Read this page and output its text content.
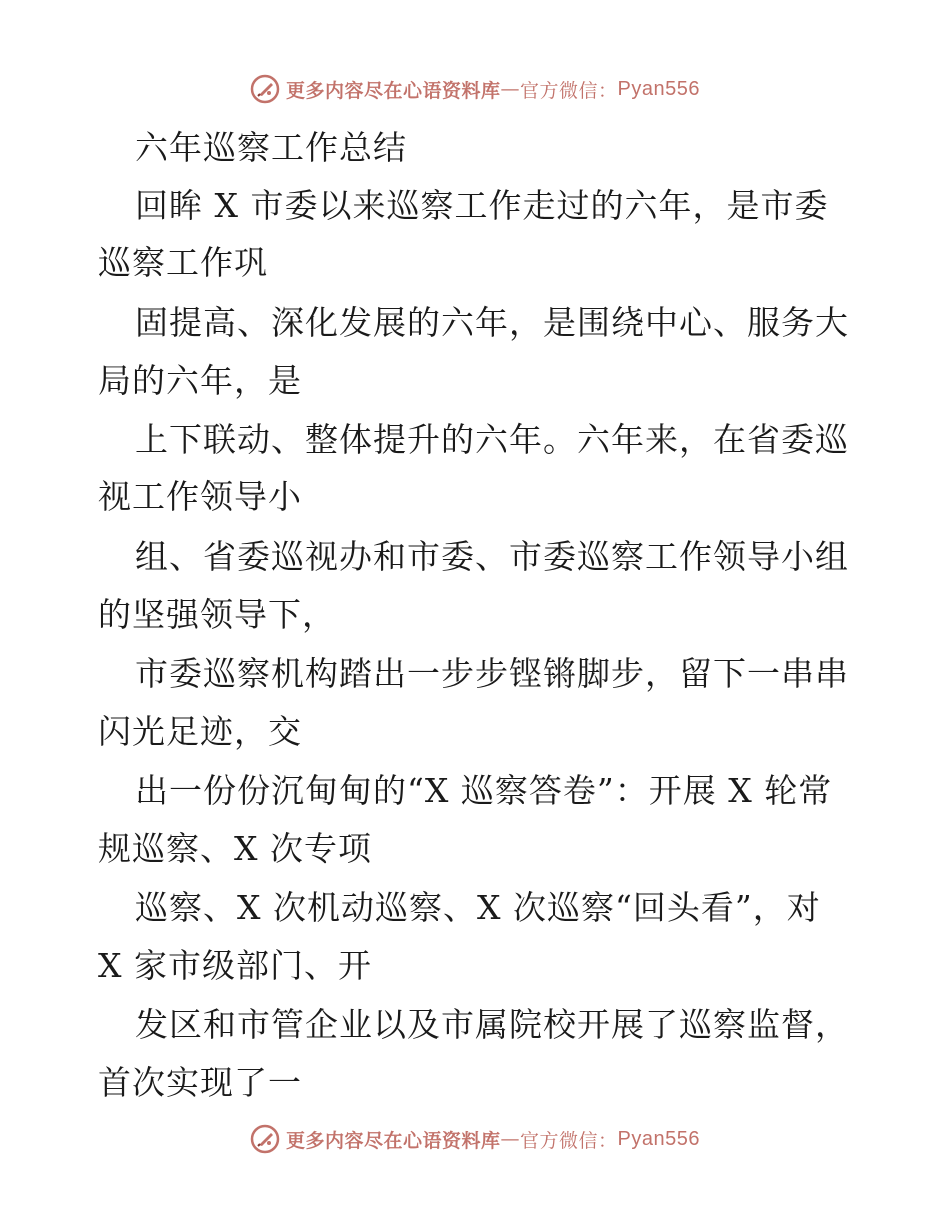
更多内容尽在心语资料库 — 官方微信： Pyan556
六年巡察工作总结
回眸 X 市委以来巡察工作走过的六年，是市委
巡察工作巩
固提高、深化发展的六年，是围绕中心、服务大
局的六年，是
上下联动、整体提升的六年。六年来，在省委巡
视工作领导小
组、省委巡视办和市委、市委巡察工作领导小组
的坚强领导下，
市委巡察机构踏出一步步铿锵脚步，留下一串串
闪光足迹，交
出一份份沉甸甸的“X 巡察答卷”：开展 X 轮常
规巡察、X 次专项
巡察、X 次机动巡察、X 次巡察“回头看”，对
X 家市级部门、开
发区和市管企业以及市属院校开展了巡察监督，
首次实现了一
更多内容尽在心语资料库 — 官方微信： Pyan556
